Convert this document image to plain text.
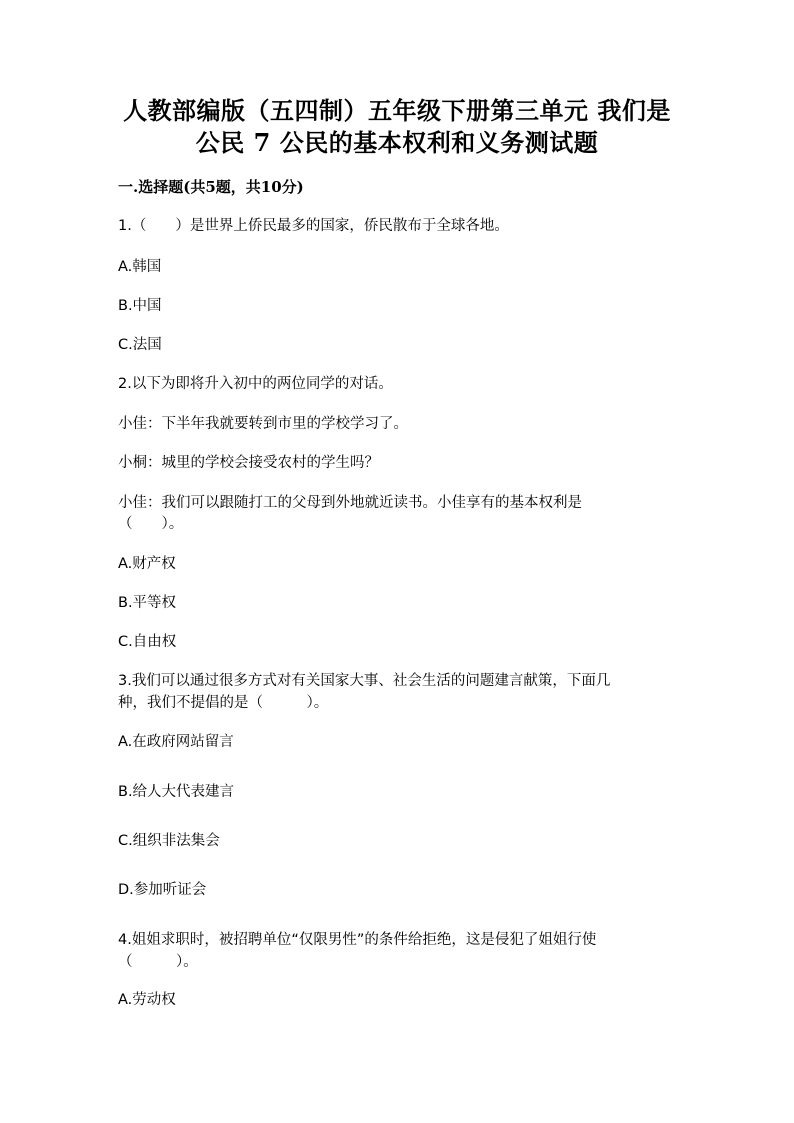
人教部编版（五四制）五年级下册第三单元 我们是
公民 7 公民的基本权利和义务测试题
一.选择题(共5题，共10分)
1.（　　）是世界上侨民最多的国家，侨民散布于全球各地。
A.韩国
B.中国
C.法国
2.以下为即将升入初中的两位同学的对话。
小佳：下半年我就要转到市里的学校学习了。
小桐：城里的学校会接受农村的学生吗？
小佳：我们可以跟随打工的父母到外地就近读书。小佳享有的基本权利是
（　　）。
A.财产权
B.平等权
C.自由权
3.我们可以通过很多方式对有关国家大事、社会生活的问题建言献策，下面几
种，我们不提倡的是（　　　）。
A.在政府网站留言
B.给人大代表建言
C.组织非法集会
D.参加听证会
4.姐姐求职时，被招聘单位“仅限男性”的条件给拒绝，这是侵犯了姐姐行使
（　　　）。
A.劳动权
